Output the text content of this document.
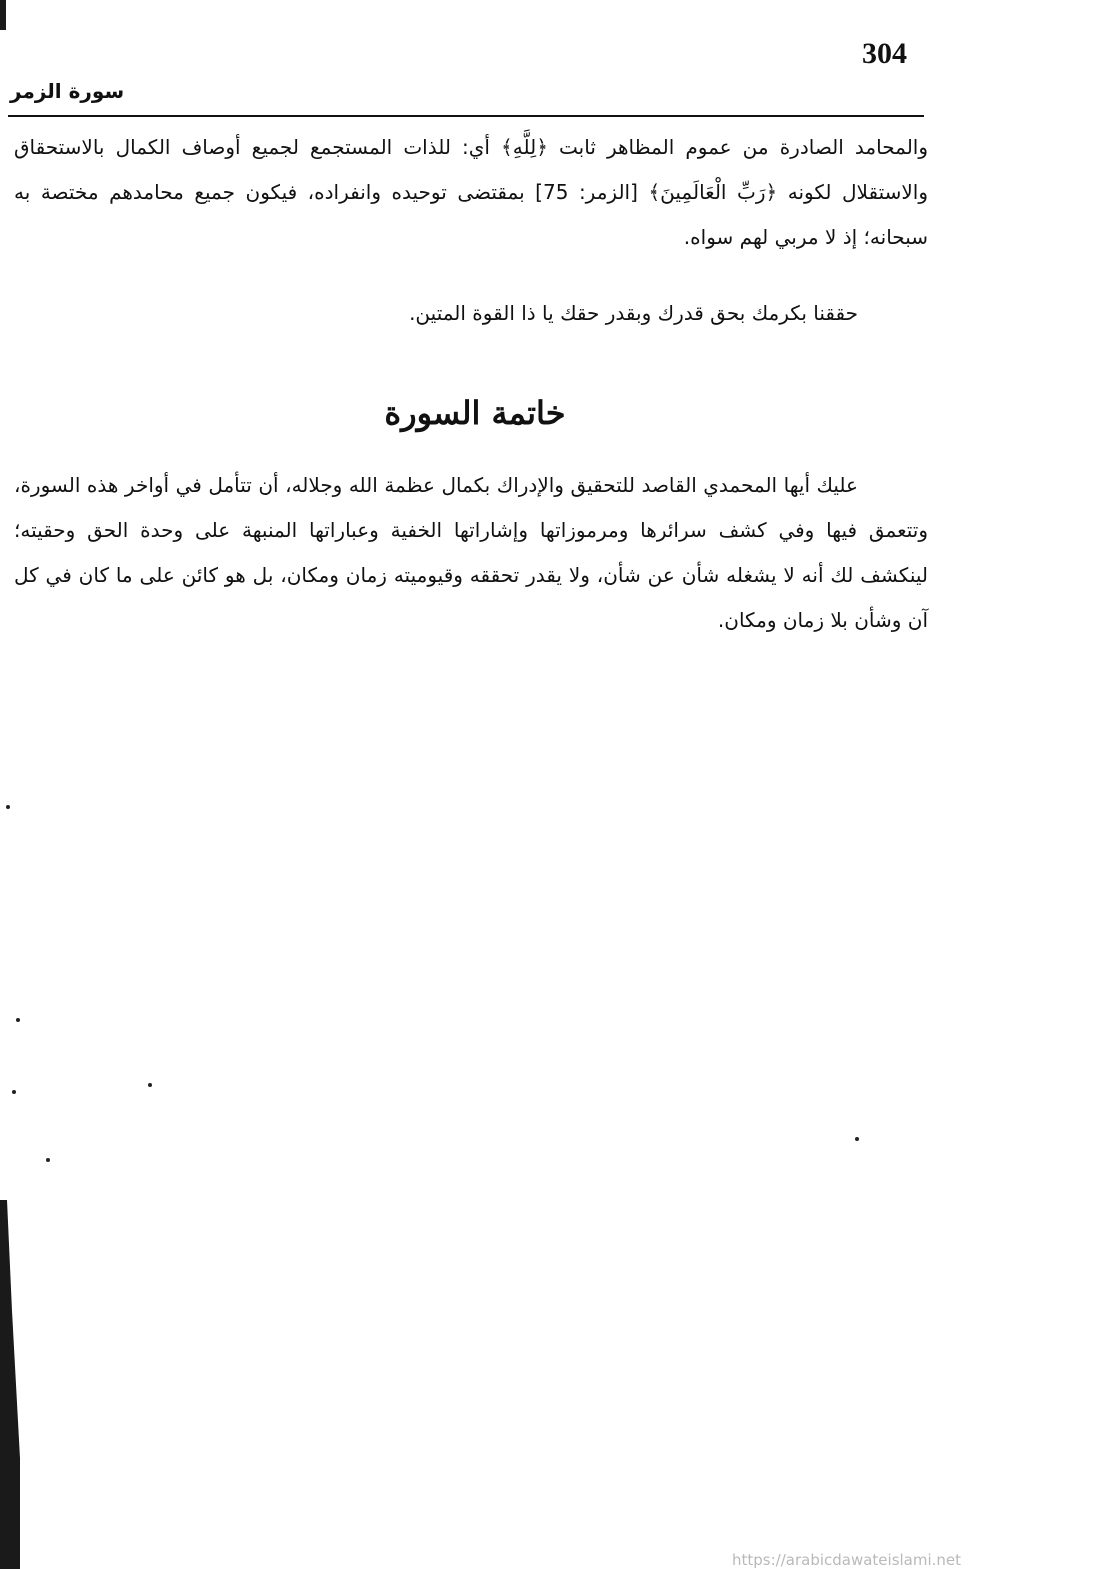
304
سورة الزمر
والمحامد الصادرة من عموم المظاهر ثابت ﴿لِلَّهِ﴾ أي: للذات المستجمع لجميع أوصاف الكمال بالاستحقاق والاستقلال لكونه ﴿رَبِّ الْعَالَمِينَ﴾ [الزمر: 75] بمقتضى توحيده وانفراده، فيكون جميع محامدهم مختصة به سبحانه؛ إذ لا مربي لهم سواه.
حققنا بكرمك بحق قدرك وبقدر حقك يا ذا القوة المتين.
خاتمة السورة
عليك أيها المحمدي القاصد للتحقيق والإدراك بكمال عظمة الله وجلاله، أن تتأمل في أواخر هذه السورة، وتتعمق فيها وفي كشف سرائرها ومرموزاتها وإشاراتها الخفية وعباراتها المنبهة على وحدة الحق وحقيته؛ لينكشف لك أنه لا يشغله شأن عن شأن، ولا يقدر تحققه وقيوميته زمان ومكان، بل هو كائن على ما كان في كل آن وشأن بلا زمان ومكان.
https://arabicdawateislami.net
